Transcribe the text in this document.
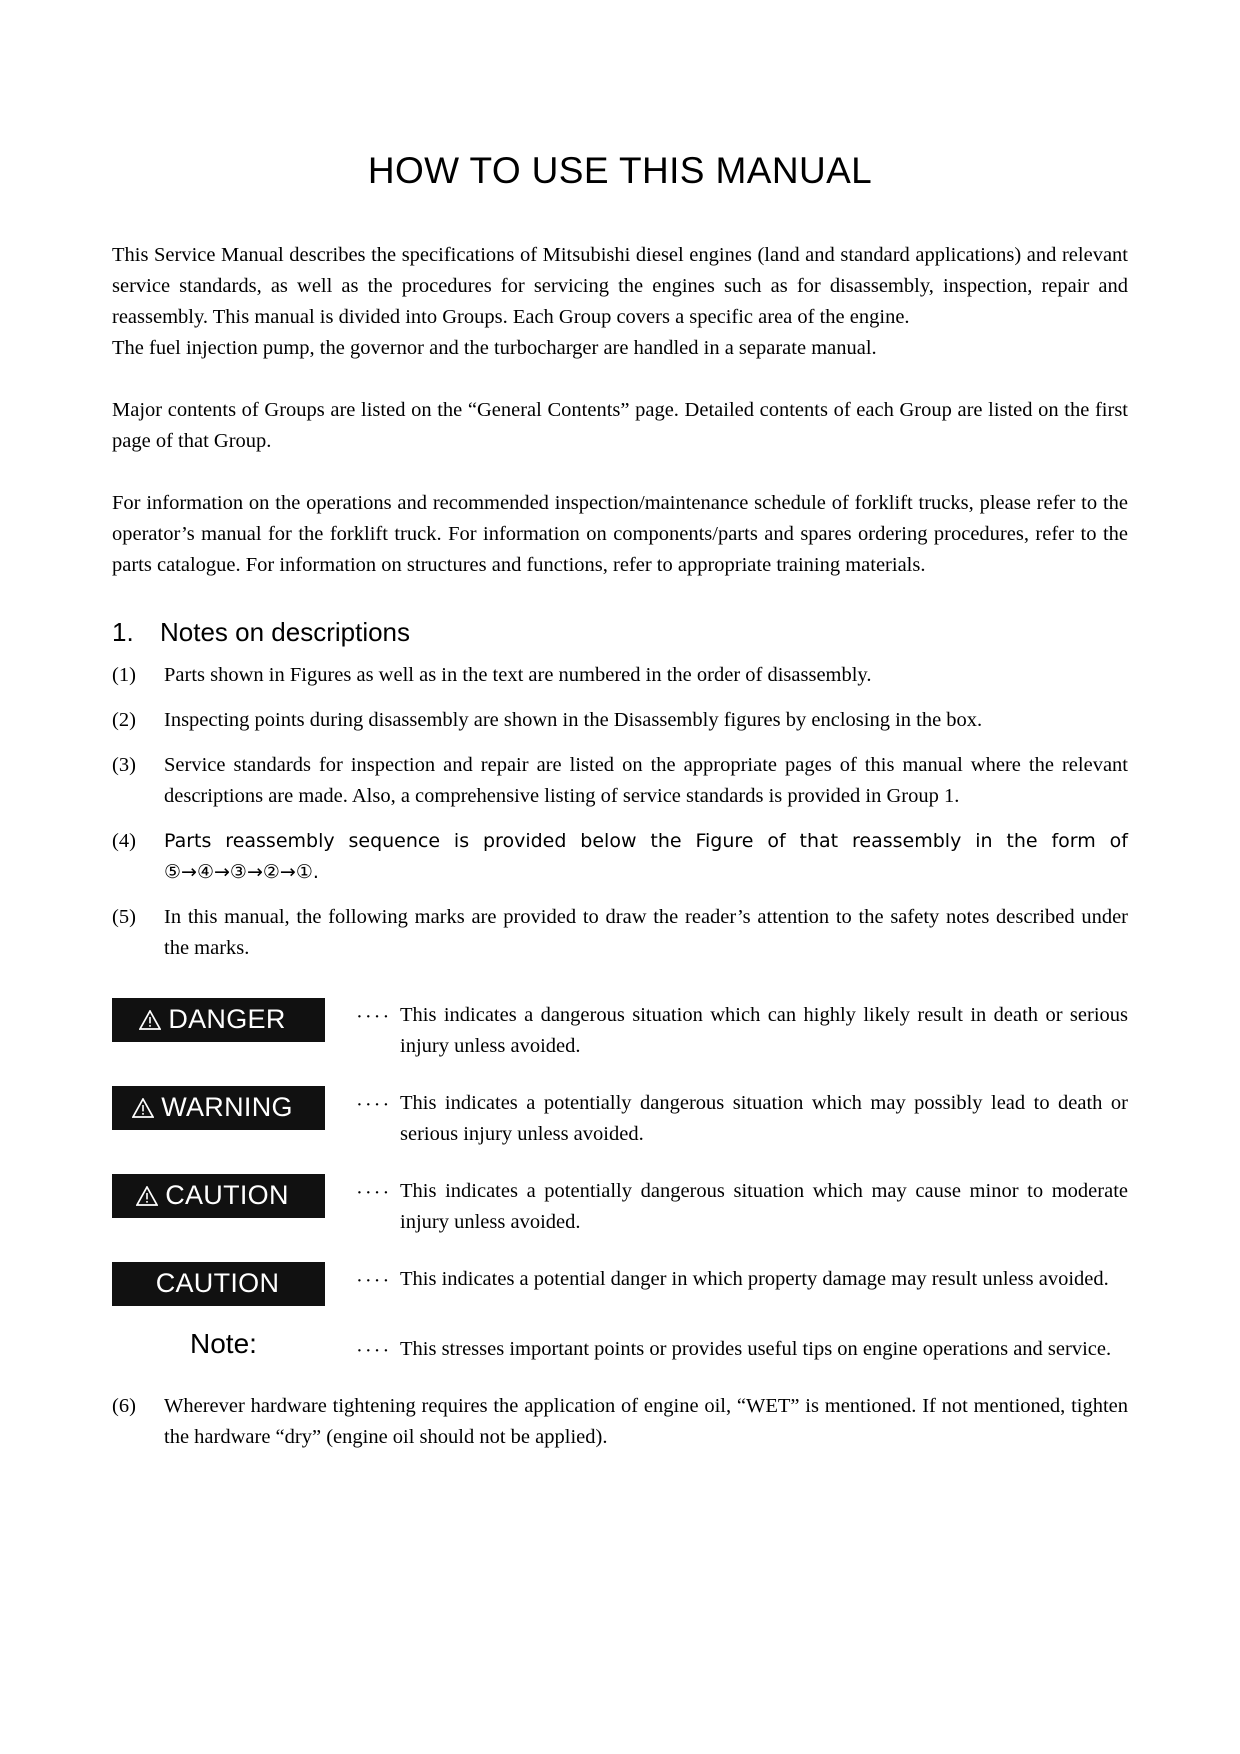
HOW TO USE THIS MANUAL

This Service Manual describes the specifications of Mitsubishi diesel engines (land and standard applications) and relevant service standards, as well as the procedures for servicing the engines such as for disassembly, inspection, repair and reassembly. This manual is divided into Groups. Each Group covers a specific area of the engine.

The fuel injection pump, the governor and the turbocharger are handled in a separate manual.

Major contents of Groups are listed on the “General Contents” page. Detailed contents of each Group are listed on the first page of that Group.

For information on the operations and recommended inspection/maintenance schedule of forklift trucks, please refer to the operator’s manual for the forklift truck. For information on components/parts and spares ordering procedures, refer to the parts catalogue. For information on structures and functions, refer to appropriate training materials.

1. Notes on descriptions
(1)	Parts shown in Figures as well as in the text are numbered in the order of disassembly.
(2)	Inspecting points during disassembly are shown in the Disassembly figures by enclosing in the box.
(3)	Service standards for inspection and repair are listed on the appropriate pages of this manual where the relevant descriptions are made. Also, a comprehensive listing of service standards is provided in Group 1.
(4)	Parts reassembly sequence is provided below the Figure of that reassembly in the form of ⑤→④→③→②→①.
(5)	In this manual, the following marks are provided to draw the reader’s attention to the safety notes described under the marks.
DANGER	···· This indicates a dangerous situation which can highly likely result in death or serious injury unless avoided.
WARNING	···· This indicates a potentially dangerous situation which may possibly lead to death or serious injury unless avoided.
CAUTION	···· This indicates a potentially dangerous situation which may cause minor to moderate injury unless avoided.
CAUTION	···· This indicates a potential danger in which property damage may result unless avoided.
Note:	···· This stresses important points or provides useful tips on engine operations and service.
(6)	Wherever hardware tightening requires the application of engine oil, “WET” is mentioned. If not mentioned, tighten the hardware “dry” (engine oil should not be applied).
